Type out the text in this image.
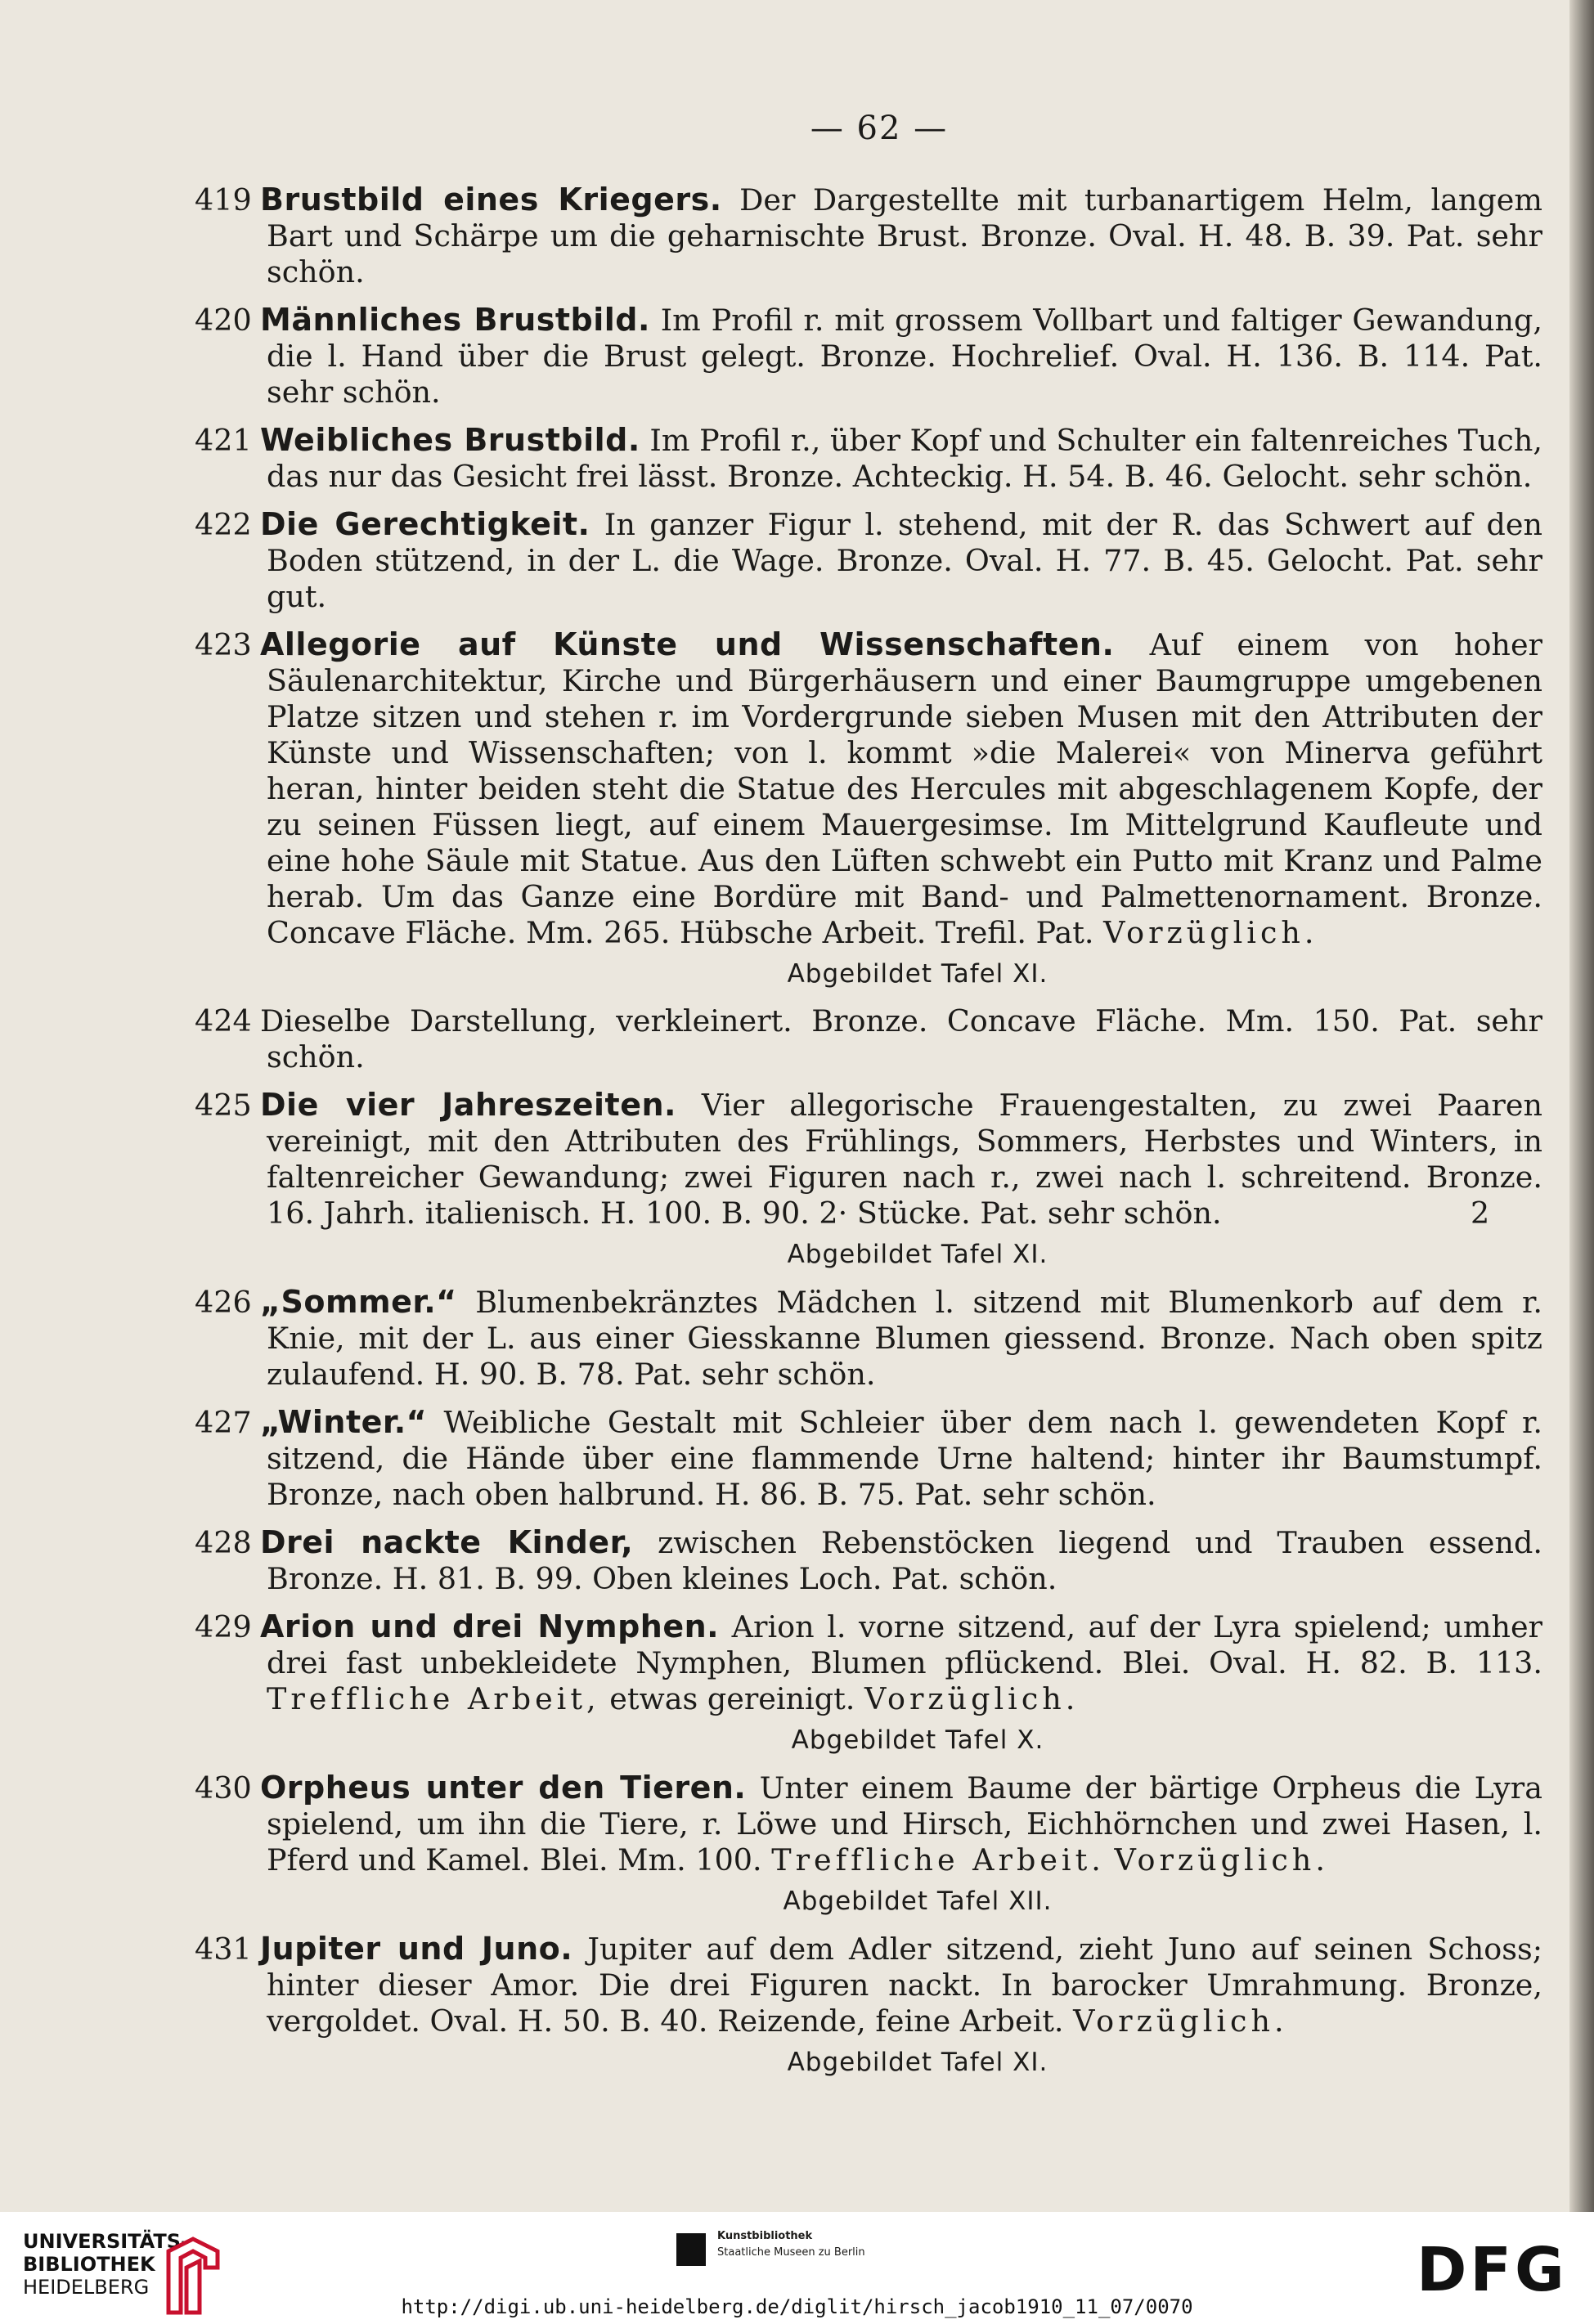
— 62 —
419 Brustbild eines Kriegers. Der Dargestellte mit turbanartigem Helm, langem Bart und Schärpe um die geharnischte Brust. Bronze. Oval. H. 48. B. 39. Pat. sehr schön.
420 Männliches Brustbild. Im Profil r. mit grossem Vollbart und faltiger Gewandung, die l. Hand über die Brust gelegt. Bronze. Hochrelief. Oval. H. 136. B. 114. Pat. sehr schön.
421 Weibliches Brustbild. Im Profil r., über Kopf und Schulter ein faltenreiches Tuch, das nur das Gesicht frei lässt. Bronze. Achteckig. H. 54. B. 46. Gelocht. sehr schön.
422 Die Gerechtigkeit. In ganzer Figur l. stehend, mit der R. das Schwert auf den Boden stützend, in der L. die Wage. Bronze. Oval. H. 77. B. 45. Gelocht. Pat. sehr gut.
423 Allegorie auf Künste und Wissenschaften. Auf einem von hoher Säulenarchitektur, Kirche und Bürgerhäusern und einer Baumgruppe umgebenen Platze sitzen und stehen r. im Vordergrunde sieben Musen mit den Attributen der Künste und Wissenschaften; von l. kommt »die Malerei« von Minerva geführt heran, hinter beiden steht die Statue des Hercules mit abgeschlagenem Kopfe, der zu seinen Füssen liegt, auf einem Mauergesimse. Im Mittelgrund Kaufleute und eine hohe Säule mit Statue. Aus den Lüften schwebt ein Putto mit Kranz und Palme herab. Um das Ganze eine Bordüre mit Band- und Palmettenornament. Bronze. Concave Fläche. Mm. 265. Hübsche Arbeit. Trefil. Pat. Vorzüglich.
Abgebildet Tafel XI.
424 Dieselbe Darstellung, verkleinert. Bronze. Concave Fläche. Mm. 150. Pat. sehr schön.
425 Die vier Jahreszeiten. Vier allegorische Frauengestalten, zu zwei Paaren vereinigt, mit den Attributen des Frühlings, Sommers, Herbstes und Winters, in faltenreicher Gewandung; zwei Figuren nach r., zwei nach l. schreitend. Bronze. 16. Jahrh. italienisch. H. 100. B. 90. 2· Stücke. Pat. sehr schön.	2
Abgebildet Tafel XI.
426 „Sommer.“ Blumenbekränztes Mädchen l. sitzend mit Blumenkorb auf dem r. Knie, mit der L. aus einer Giesskanne Blumen giessend. Bronze. Nach oben spitz zulaufend. H. 90. B. 78. Pat. sehr schön.
427 „Winter.“ Weibliche Gestalt mit Schleier über dem nach l. gewendeten Kopf r. sitzend, die Hände über eine flammende Urne haltend; hinter ihr Baumstumpf. Bronze, nach oben halbrund. H. 86. B. 75. Pat. sehr schön.
428 Drei nackte Kinder, zwischen Rebenstöcken liegend und Trauben essend. Bronze. H. 81. B. 99. Oben kleines Loch. Pat. schön.
429 Arion und drei Nymphen. Arion l. vorne sitzend, auf der Lyra spielend; umher drei fast unbekleidete Nymphen, Blumen pflückend. Blei. Oval. H. 82. B. 113. Treffliche Arbeit, etwas gereinigt. Vorzüglich.
Abgebildet Tafel X.
430 Orpheus unter den Tieren. Unter einem Baume der bärtige Orpheus die Lyra spielend, um ihn die Tiere, r. Löwe und Hirsch, Eichhörnchen und zwei Hasen, l. Pferd und Kamel. Blei. Mm. 100. Treffliche Arbeit. Vorzüglich.
Abgebildet Tafel XII.
431 Jupiter und Juno. Jupiter auf dem Adler sitzend, zieht Juno auf seinen Schoss; hinter dieser Amor. Die drei Figuren nackt. In barocker Umrahmung. Bronze, vergoldet. Oval. H. 50. B. 40. Reizende, feine Arbeit. Vorzüglich.
Abgebildet Tafel XI.
UNIVERSITÄTS-
BIBLIOTHEK
HEIDELBERG
Kunstbibliothek
Staatliche Museen zu Berlin	DFG
http://digi.ub.uni-heidelberg.de/diglit/hirsch_jacob1910_11_07/0070
